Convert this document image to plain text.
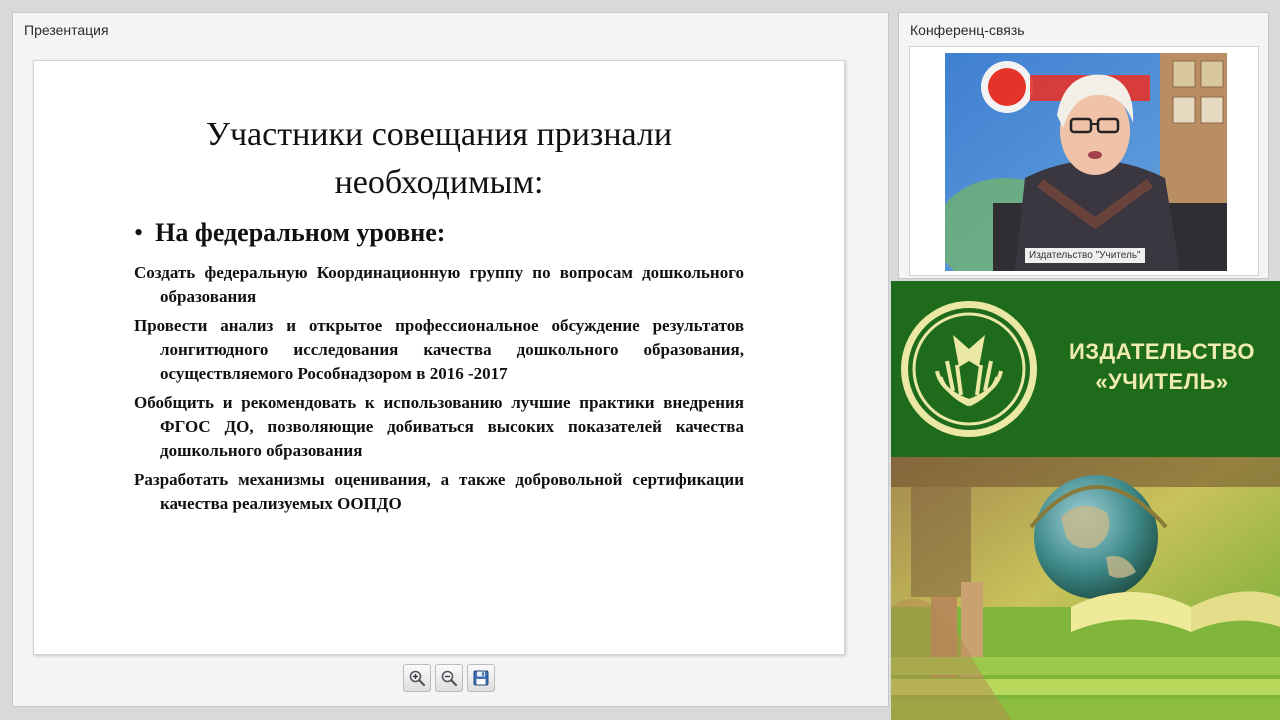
Презентация
Участники совещания признали
необходимым:
• На федеральном уровне:
Создать федеральную Координационную группу по вопросам дошкольного образования
Провести анализ и открытое профессиональное обсуждение результатов лонгитюдного исследования качества дошкольного образования, осуществляемого Рособнадзором в 2016 -2017
Обобщить и рекомендовать к использованию лучшие практики внедрения ФГОС ДО, позволяющие добиваться высоких показателей качества дошкольного образования
Разработать механизмы оценивания, а также добровольной сертификации качества реализуемых ООПДО
Конференц-связь
Издательство "Учитель"
ИЗДАТЕЛЬСТВО
«УЧИТЕЛЬ»
